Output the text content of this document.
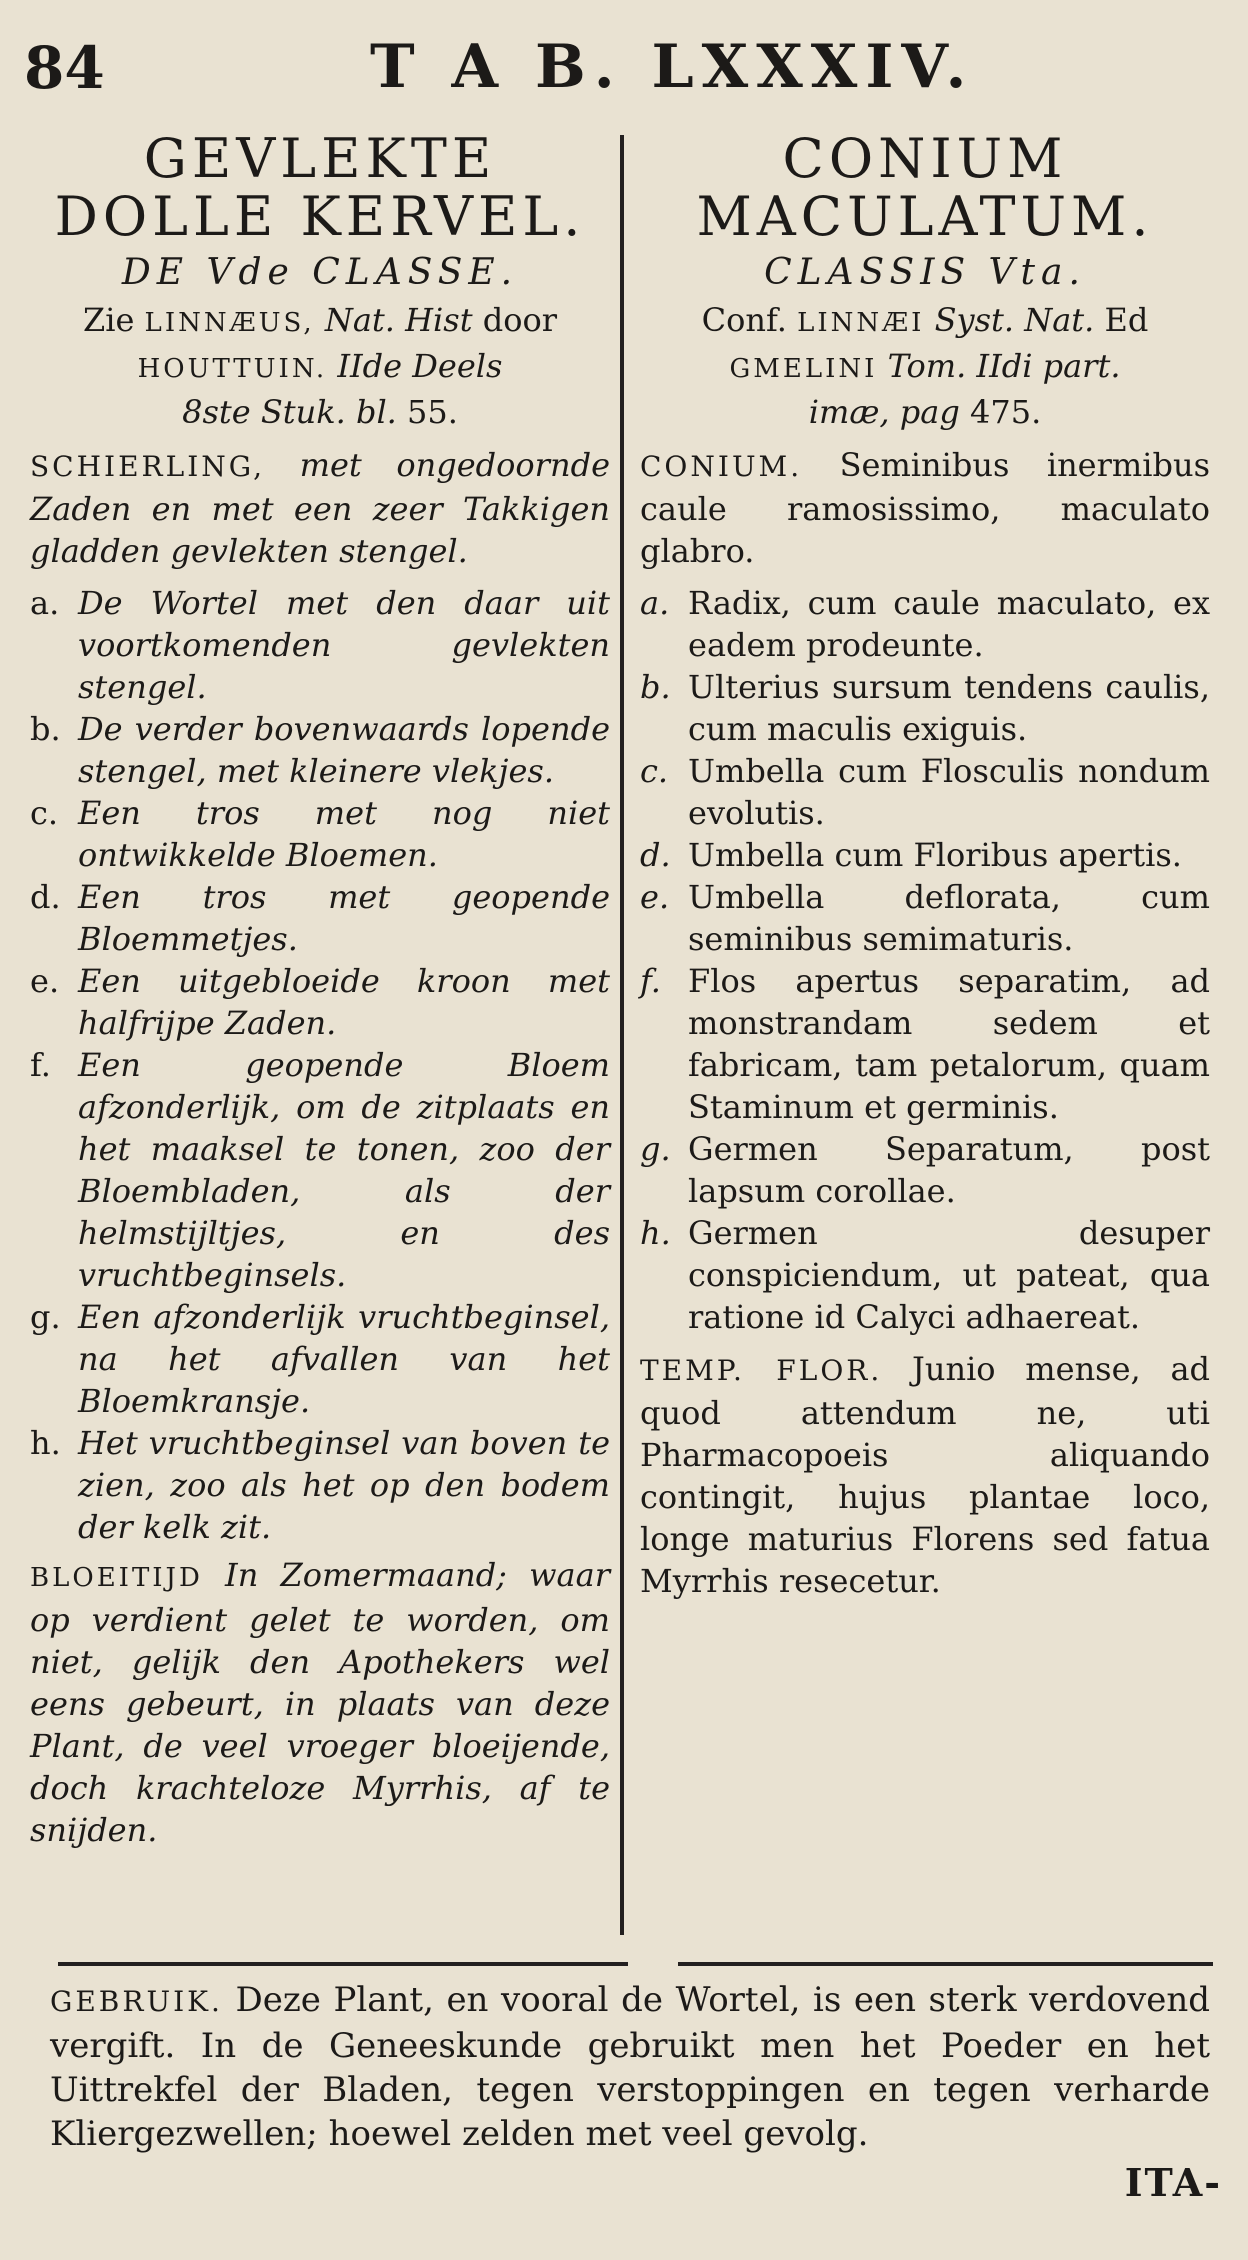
84	T A B. LXXXIV.
GEVLEKTE
DOLLE KERVEL.
DE Vde CLASSE.
Zie LINNÆUS, Nat. Hist door
HOUTTUIN. IIde Deels
8ste Stuk. bl. 55.
SCHIERLING, met ongedoornde Zaden en met een zeer Takkigen gladden gevlekten stengel.
a. De Wortel met den daar uit voortkomenden gevlekten stengel.
b. De verder bovenwaards lopende stengel, met kleinere vlekjes.
c. Een tros met nog niet ontwikkelde Bloemen.
d. Een tros met geopende Bloemmetjes.
e. Een uitgebloeide kroon met halfrijpe Zaden.
f. Een geopende Bloem afzonderlijk, om de zitplaats en het maaksel te tonen, zoo der Bloembladen, als der helmstijltjes, en des vruchtbeginsels.
g. Een afzonderlijk vruchtbeginsel, na het afvallen van het Bloemkransje.
h. Het vruchtbeginsel van boven te zien, zoo als het op den bodem der kelk zit.
BLOEITIJD In Zomermaand; waar op verdient gelet te worden, om niet, gelijk den Apothekers wel eens gebeurt, in plaats van deze Plant, de veel vroeger bloeijende, doch krachteloze Myrrhis, af te snijden.
CONIUM
MACULATUM.
CLASSIS Vta.
Conf. LINNÆI Syst. Nat. Ed
GMELINI Tom. IIdi part.
imæ, pag 475.
CONIUM. Seminibus inermibus caule ramosissimo, maculato glabro.
a. Radix, cum caule maculato, ex eadem prodeunte.
b. Ulterius sursum tendens caulis, cum maculis exiguis.
c. Umbella cum Flosculis nondum evolutis.
d. Umbella cum Floribus apertis.
e. Umbella deflorata, cum seminibus semimaturis.
f. Flos apertus separatim, ad monstrandam sedem et fabricam, tam petalorum, quam Staminum et germinis.
g. Germen Separatum, post lapsum corollae.
h. Germen desuper conspiciendum, ut pateat, qua ratione id Calyci adhaereat.
TEMP. FLOR. Junio mense, ad quod attendum ne, uti Pharmacopoeis aliquando contingit, hujus plantae loco, longe maturius Florens sed fatua Myrrhis resecetur.
GEBRUIK. Deze Plant, en vooral de Wortel, is een sterk verdovend vergift. In de Geneeskunde gebruikt men het Poeder en het Uittrekfel der Bladen, tegen verstoppingen en tegen verharde Kliergezwellen; hoewel zelden met veel gevolg.
ITA-
